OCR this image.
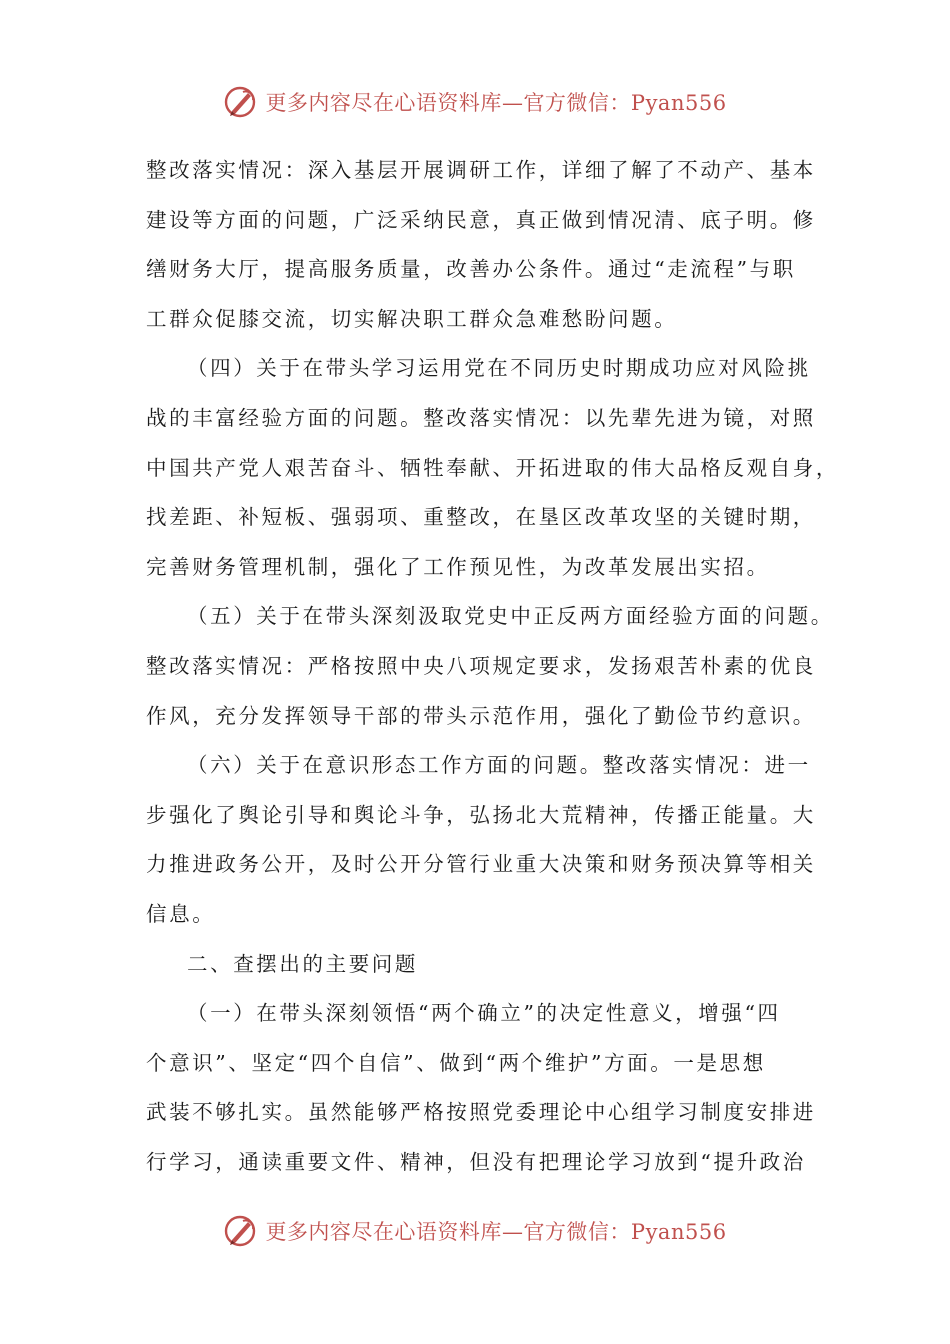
更多内容尽在心语资料库—官方微信：Pyan556
整改落实情况：深入基层开展调研工作，详细了解了不动产、基本
建设等方面的问题，广泛采纳民意，真正做到情况清、底子明。修
缮财务大厅，提高服务质量，改善办公条件。通过“走流程”与职
工群众促膝交流，切实解决职工群众急难愁盼问题。
（四）关于在带头学习运用党在不同历史时期成功应对风险挑
战的丰富经验方面的问题。整改落实情况：以先辈先进为镜，对照
中国共产党人艰苦奋斗、牺牲奉献、开拓进取的伟大品格反观自身，
找差距、补短板、强弱项、重整改，在垦区改革攻坚的关键时期，
完善财务管理机制，强化了工作预见性，为改革发展出实招。
（五）关于在带头深刻汲取党史中正反两方面经验方面的问题。
整改落实情况：严格按照中央八项规定要求，发扬艰苦朴素的优良
作风，充分发挥领导干部的带头示范作用，强化了勤俭节约意识。
（六）关于在意识形态工作方面的问题。整改落实情况：进一
步强化了舆论引导和舆论斗争，弘扬北大荒精神，传播正能量。大
力推进政务公开，及时公开分管行业重大决策和财务预决算等相关
信息。
二、查摆出的主要问题
（一）在带头深刻领悟“两个确立”的决定性意义，增强“四
个意识”、坚定“四个自信”、做到“两个维护”方面。一是思想
武装不够扎实。虽然能够严格按照党委理论中心组学习制度安排进
行学习，通读重要文件、精神，但没有把理论学习放到“提升政治
更多内容尽在心语资料库—官方微信：Pyan556
